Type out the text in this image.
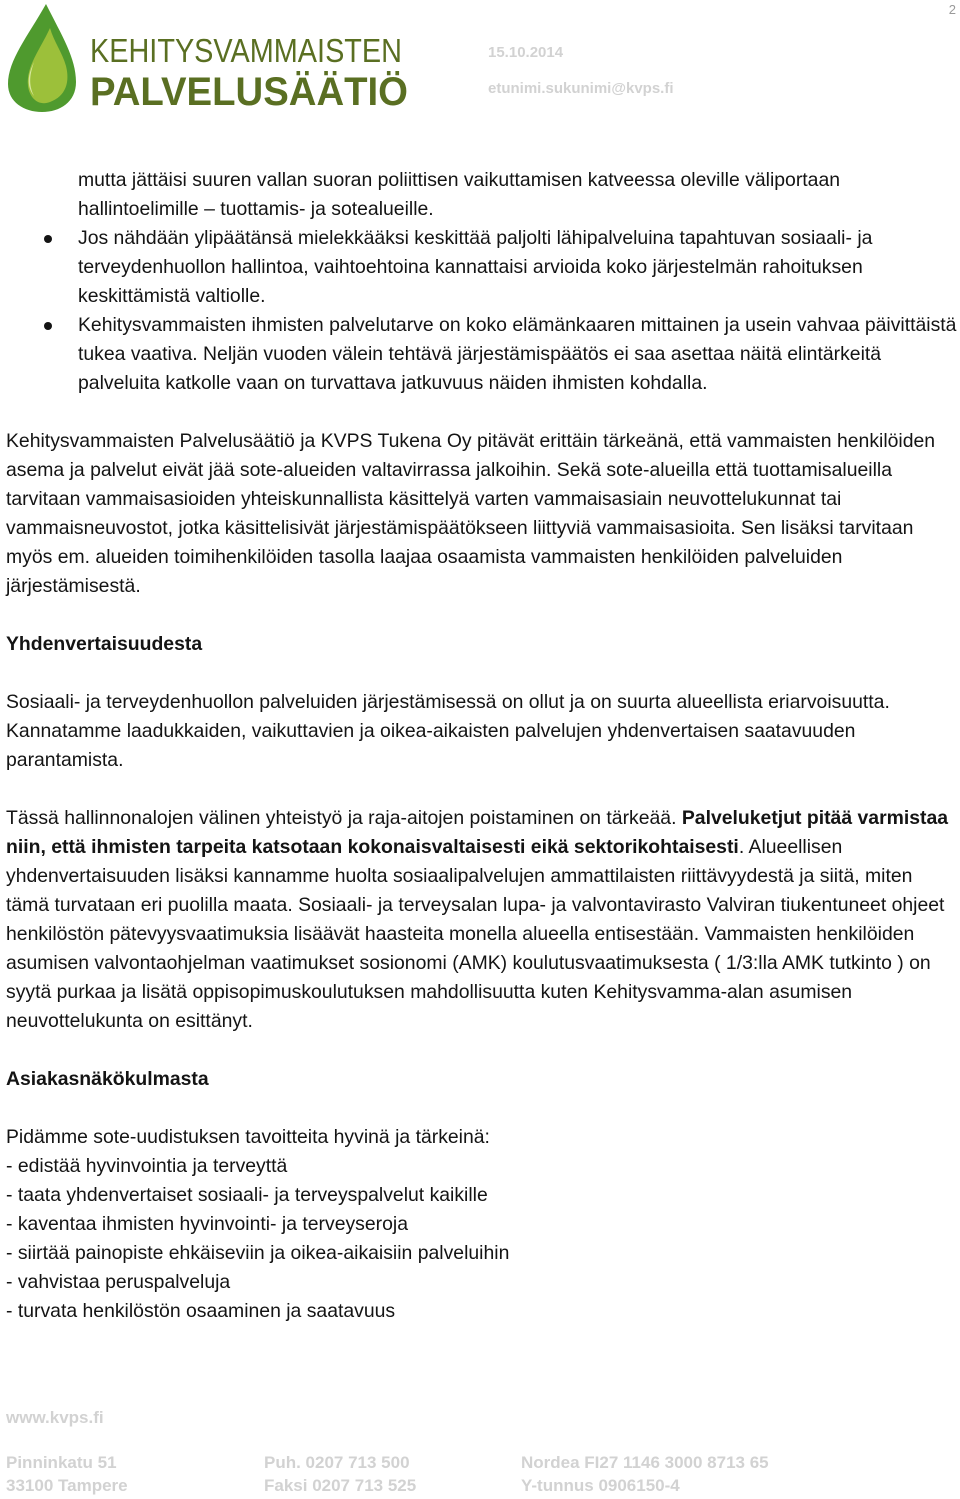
2
KEHITYSVAMMAISTEN
PALVELUSÄÄTIÖ
15.10.2014
etunimi.sukunimi@kvps.fi

mutta jättäisi suuren vallan suoran poliittisen vaikuttamisen katveessa oleville väliportaan hallintoelimille – tuottamis- ja sotealueille.

Jos nähdään ylipäätänsä mielekkääksi keskittää paljolti lähipalveluina tapahtuvan sosiaali- ja terveydenhuollon hallintoa, vaihtoehtoina kannattaisi arvioida koko järjestelmän rahoituksen keskittämistä valtiolle.
Kehitysvammaisten ihmisten palvelutarve on koko elämänkaaren mittainen ja usein vahvaa päivittäistä tukea vaativa. Neljän vuoden välein tehtävä järjestämispäätös ei saa asettaa näitä elintärkeitä palveluita katkolle vaan on turvattava jatkuvuus näiden ihmisten kohdalla.

Kehitysvammaisten Palvelusäätiö ja KVPS Tukena Oy pitävät erittäin tärkeänä, että vammaisten henkilöiden asema ja palvelut eivät jää sote-alueiden valtavirrassa jalkoihin. Sekä sote-alueilla että tuottamisalueilla tarvitaan vammaisasioiden yhteiskunnallista käsittelyä varten vammaisasiain neuvottelukunnat tai vammaisneuvostot, jotka käsittelisivät järjestämispäätökseen liittyviä vammaisasioita. Sen lisäksi tarvitaan myös em. alueiden toimihenkilöiden tasolla laajaa osaamista vammaisten henkilöiden palveluiden järjestämisestä.

Yhdenvertaisuudesta

Sosiaali- ja terveydenhuollon palveluiden järjestämisessä on ollut ja on suurta alueellista eriarvoisuutta. Kannatamme laadukkaiden, vaikuttavien ja oikea-aikaisten palvelujen yhdenvertaisen saatavuuden parantamista.

Tässä hallinnonalojen välinen yhteistyö ja raja-aitojen poistaminen on tärkeää. Palveluketjut pitää varmistaa niin, että ihmisten tarpeita katsotaan kokonaisvaltaisesti eikä sektorikohtaisesti. Alueellisen yhdenvertaisuuden lisäksi kannamme huolta sosiaalipalvelujen ammattilaisten riittävyydestä ja siitä, miten tämä turvataan eri puolilla maata. Sosiaali- ja terveysalan lupa- ja valvontavirasto Valviran tiukentuneet ohjeet henkilöstön pätevyysvaatimuksia lisäävät haasteita monella alueella entisestään. Vammaisten henkilöiden asumisen valvontaohjelman vaatimukset sosionomi (AMK) koulutusvaatimuksesta ( 1/3:lla AMK tutkinto ) on syytä purkaa ja lisätä oppisopimuskoulutuksen mahdollisuutta kuten Kehitysvamma-alan asumisen neuvottelukunta on esittänyt.

Asiakasnäkökulmasta

Pidämme sote-uudistuksen tavoitteita hyvinä ja tärkeinä:

- edistää hyvinvointia ja terveyttä

- taata yhdenvertaiset sosiaali- ja terveyspalvelut kaikille

- kaventaa ihmisten hyvinvointi- ja terveyseroja

- siirtää painopiste ehkäiseviin ja oikea-aikaisiin palveluihin

- vahvistaa peruspalveluja

- turvata henkilöstön osaaminen ja saatavuus

www.kvps.fi
Pinninkatu 51
33100 Tampere
Puh. 0207 713 500
Faksi 0207 713 525
Nordea FI27 1146 3000 8713 65
Y-tunnus 0906150-4
